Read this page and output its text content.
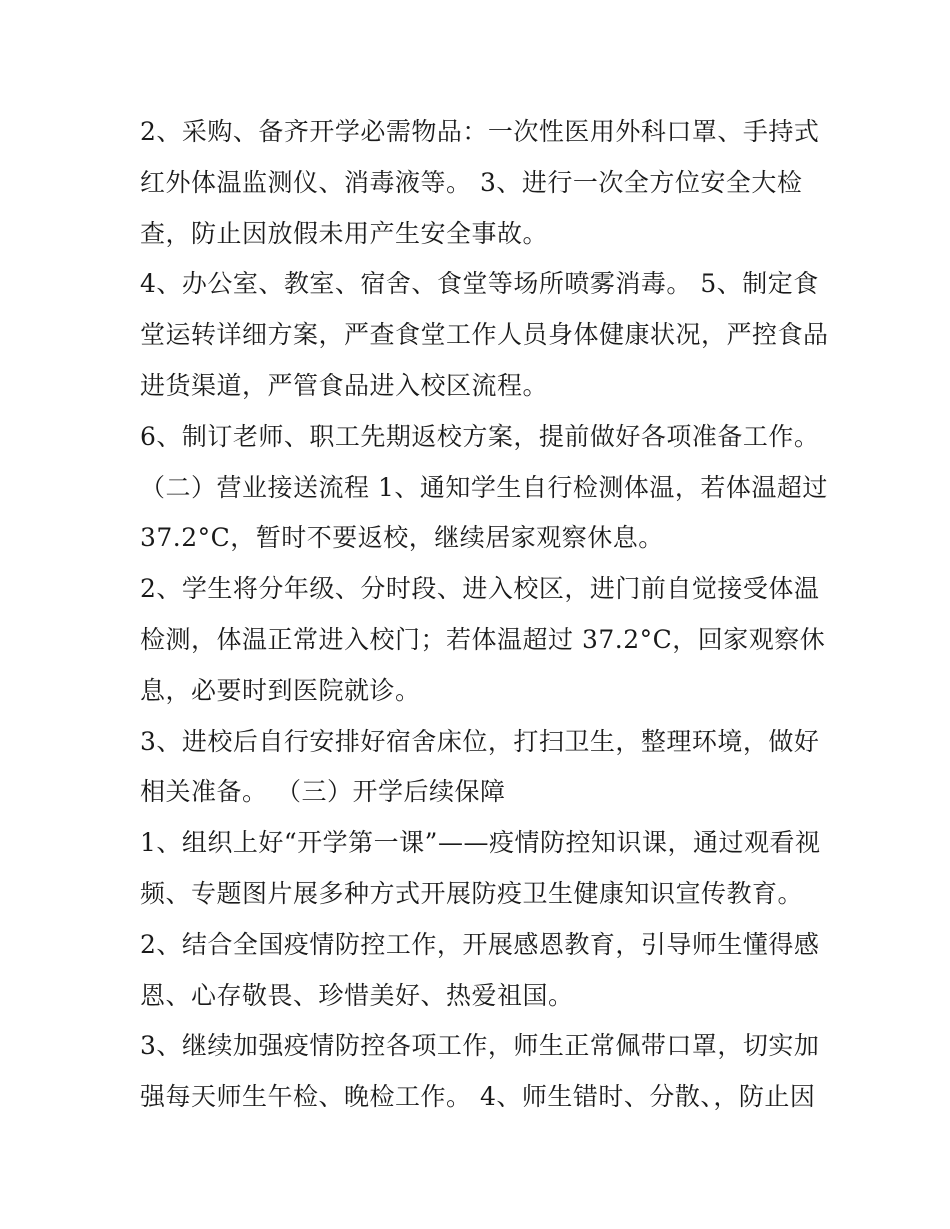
2、采购、备齐开学必需物品：一次性医用外科口罩、手持式
红外体温监测仪、消毒液等。 3、进行一次全方位安全大检
查，防止因放假未用产生安全事故。
4、办公室、教室、宿舍、食堂等场所喷雾消毒。 5、制定食
堂运转详细方案，严查食堂工作人员身体健康状况，严控食品
进货渠道，严管食品进入校区流程。
6、制订老师、职工先期返校方案，提前做好各项准备工作。
（二）营业接送流程 1、通知学生自行检测体温，若体温超过
37.2°C，暂时不要返校，继续居家观察休息。
2、学生将分年级、分时段、进入校区，进门前自觉接受体温
检测，体温正常进入校门；若体温超过 37.2°C，回家观察休
息，必要时到医院就诊。
3、进校后自行安排好宿舍床位，打扫卫生，整理环境，做好
相关准备。 （三）开学后续保障
1、组织上好“开学第一课”——疫情防控知识课，通过观看视
频、专题图片展多种方式开展防疫卫生健康知识宣传教育。
2、结合全国疫情防控工作，开展感恩教育，引导师生懂得感
恩、心存敬畏、珍惜美好、热爱祖国。
3、继续加强疫情防控各项工作，师生正常佩带口罩，切实加
强每天师生午检、晚检工作。 4、师生错时、分散、，防止因
